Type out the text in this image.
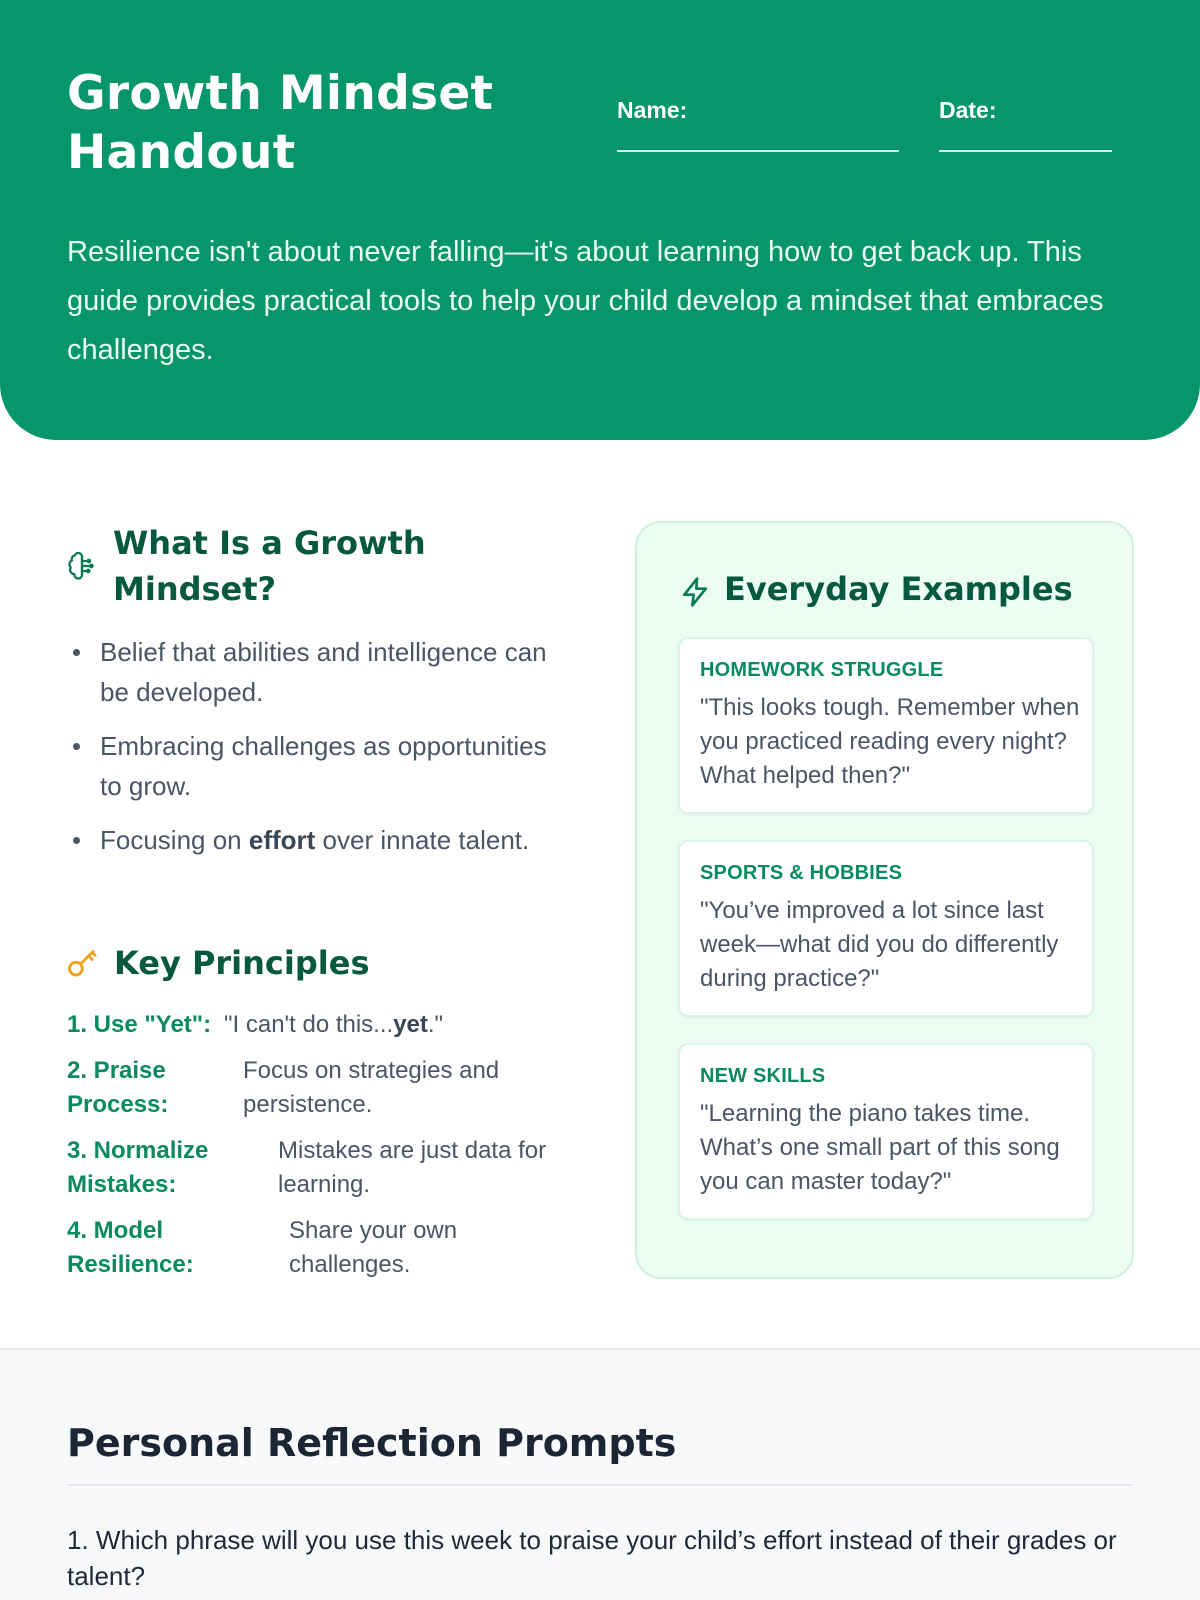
Growth Mindset Handout
Name:	Date:

Resilience isn't about never falling—it's about learning how to get back up. This guide provides practical tools to help your child develop a mindset that embraces challenges.

What Is a Growth Mindset?
Belief that abilities and intelligence can be developed.
Embracing challenges as opportunities to grow.
Focusing on effort over innate talent.
Key Principles
1. Use "Yet": "I can't do this...yet."
2. Praise Process:
Focus on strategies and persistence.
3. Normalize Mistakes:
Mistakes are just data for learning.
4. Model Resilience:
Share your own challenges.
Everyday Examples
HOMEWORK STRUGGLE
"This looks tough. Remember when you practiced reading every night? What helped then?"
SPORTS & HOBBIES
"You’ve improved a lot since last week—what did you do differently during practice?"
NEW SKILLS
"Learning the piano takes time. What’s one small part of this song you can master today?"
Personal Reflection Prompts

1. Which phrase will you use this week to praise your child’s effort instead of their grades or talent?
